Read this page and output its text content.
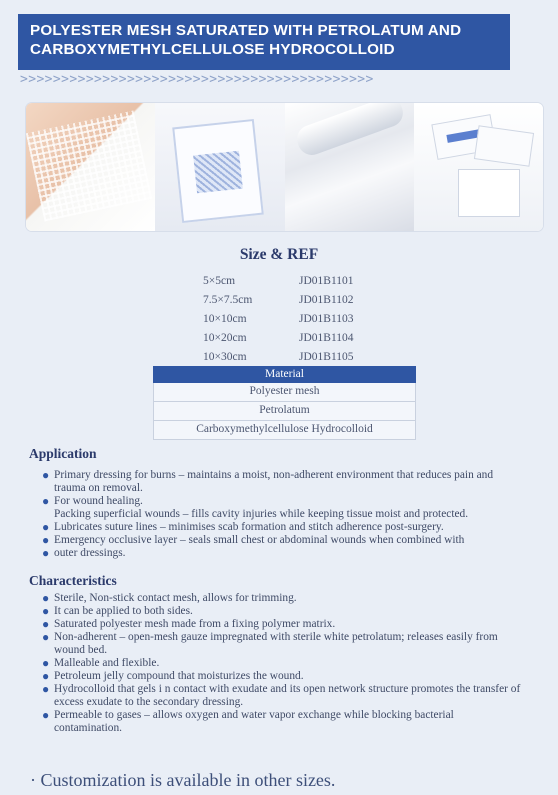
POLYESTER MESH SATURATED WITH PETROLATUM AND
CARBOXYMETHYLCELLULOSE HYDROCOLLOID
>>>>>>>>>>>>>>>>>>>>>>>>>>>>>>>>>>>>>>>>>>>
Size & REF
5×5cm	JD01B1101
7.5×7.5cm	JD01B1102
10×10cm	JD01B1103
10×20cm	JD01B1104
10×30cm	JD01B1105
Material
Polyester mesh
Petrolatum
Carboxymethylcellulose Hydrocolloid
Application
● Primary dressing for burns – maintains a moist, non-adherent environment that reduces pain and trauma on removal.
● For wound healing.
Packing superficial wounds – fills cavity injuries while keeping tissue moist and protected.
● Lubricates suture lines – minimises scab formation and stitch adherence post-surgery.
● Emergency occlusive layer – seals small chest or abdominal wounds when combined with
● outer dressings.
Characteristics
● Sterile, Non-stick contact mesh, allows for trimming.
● It can be applied to both sides.
● Saturated polyester mesh made from a fixing polymer matrix.
● Non-adherent – open-mesh gauze impregnated with sterile white petrolatum; releases easily from wound bed.
● Malleable and flexible.
● Petroleum jelly compound that moisturizes the wound.
● Hydrocolloid that gels i n contact with exudate and its open network structure promotes the transfer of excess exudate to the secondary dressing.
● Permeable to gases – allows oxygen and water vapor exchange while blocking bacterial contamination.
· Customization is available in other sizes.
